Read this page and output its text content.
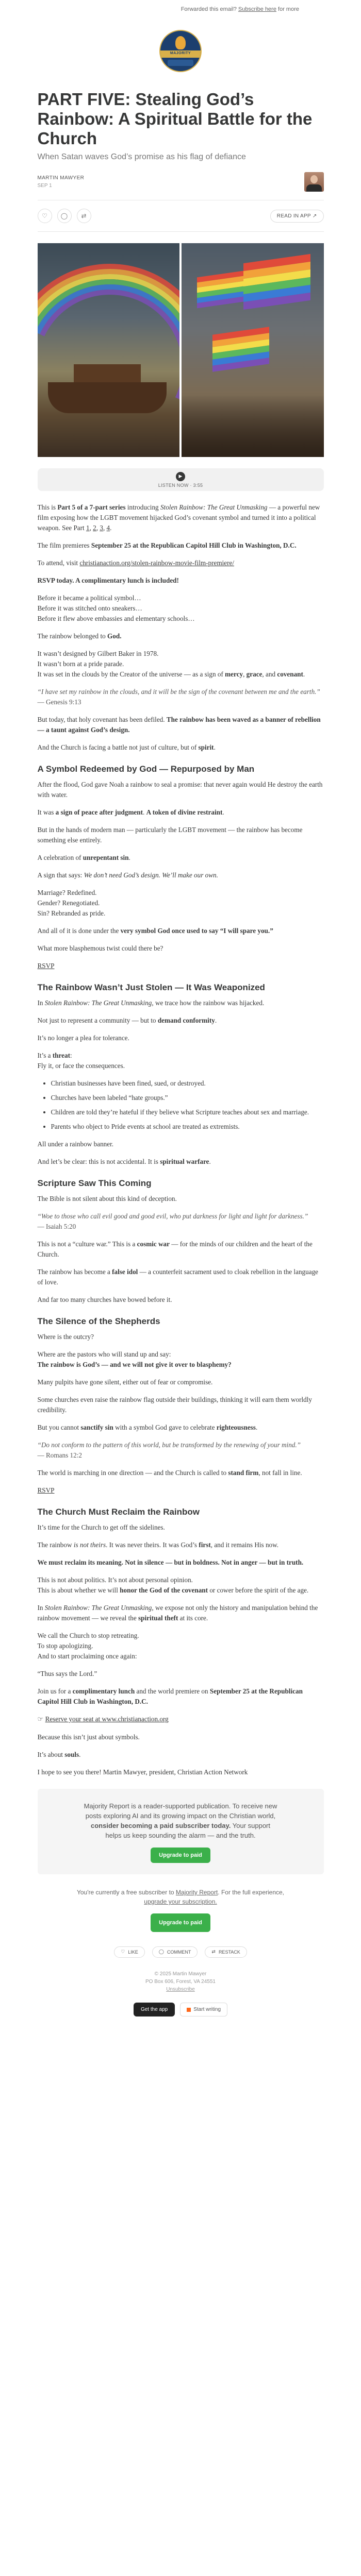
Forwarded this email?
Subscribe here
for more
MAJORITY
PART FIVE: Stealing God’s Rainbow: A Spiritual Battle for the Church
When Satan waves God’s promise as his flag of defiance
MARTIN MAWYER
SEP 1
♡	◯	⇄	READ IN APP ↗
▶
LISTEN NOW · 3:55

This is Part 5 of a 7-part series introducing Stolen Rainbow: The Great Unmasking — a powerful new film exposing how the LGBT movement hijacked God’s covenant symbol and turned it into a political weapon. See Part 1, 2, 3, 4.

The film premieres September 25 at the Republican Capitol Hill Club in Washington, D.C.

To attend, visit christianaction.org/stolen-rainbow-movie-film-premiere/

RSVP today. A complimentary lunch is included!

Before it became a political symbol…
Before it was stitched onto sneakers…
Before it flew above embassies and elementary schools…

The rainbow belonged to God.

It wasn’t designed by Gilbert Baker in 1978.
It wasn’t born at a pride parade.
It was set in the clouds by the Creator of the universe — as a sign of mercy, grace, and covenant.

“I have set my rainbow in the clouds, and it will be the sign of the covenant between me and the earth.”

— Genesis 9:13

But today, that holy covenant has been defiled. The rainbow has been waved as a banner of rebellion — a taunt against God’s design.

And the Church is facing a battle not just of culture, but of spirit.

A Symbol Redeemed by God — Repurposed by Man

After the flood, God gave Noah a rainbow to seal a promise: that never again would He destroy the earth with water.

It was a sign of peace after judgment. A token of divine restraint.

But in the hands of modern man — particularly the LGBT movement — the rainbow has become something else entirely.

A celebration of unrepentant sin.

A sign that says: We don’t need God’s design. We’ll make our own.

Marriage? Redefined.
Gender? Renegotiated.
Sin? Rebranded as pride.

And all of it is done under the very symbol God once used to say “I will spare you.”

What more blasphemous twist could there be?

RSVP

The Rainbow Wasn’t Just Stolen — It Was Weaponized

In Stolen Rainbow: The Great Unmasking, we trace how the rainbow was hijacked.

Not just to represent a community — but to demand conformity.

It’s no longer a plea for tolerance.

It’s a threat:
Fly it, or face the consequences.

• Christian businesses have been fined, sued, or destroyed.
• Churches have been labeled “hate groups.”
• Children are told they’re hateful if they believe what Scripture teaches about sex and marriage.
• Parents who object to Pride events at school are treated as extremists.

All under a rainbow banner.

And let’s be clear: this is not accidental. It is spiritual warfare.

Scripture Saw This Coming

The Bible is not silent about this kind of deception.

“Woe to those who call evil good and good evil, who put darkness for light and light for darkness.”

— Isaiah 5:20

This is not a “culture war.” This is a cosmic war — for the minds of our children and the heart of the Church.

The rainbow has become a false idol — a counterfeit sacrament used to cloak rebellion in the language of love.

And far too many churches have bowed before it.

The Silence of the Shepherds

Where is the outcry?

Where are the pastors who will stand up and say:
The rainbow is God’s — and we will not give it over to blasphemy?

Many pulpits have gone silent, either out of fear or compromise.

Some churches even raise the rainbow flag outside their buildings, thinking it will earn them worldly credibility.

But you cannot sanctify sin with a symbol God gave to celebrate righteousness.

“Do not conform to the pattern of this world, but be transformed by the renewing of your mind.”

— Romans 12:2

The world is marching in one direction — and the Church is called to stand firm, not fall in line.

RSVP

The Church Must Reclaim the Rainbow

It’s time for the Church to get off the sidelines.

The rainbow is not theirs. It was never theirs. It was God’s first, and it remains His now.

We must reclaim its meaning. Not in silence — but in boldness. Not in anger — but in truth.

This is not about politics. It’s not about personal opinion.
This is about whether we will honor the God of the covenant or cower before the spirit of the age.

In Stolen Rainbow: The Great Unmasking, we expose not only the history and manipulation behind the rainbow movement — we reveal the spiritual theft at its core.

We call the Church to stop retreating.
To stop apologizing.
And to start proclaiming once again:

“Thus says the Lord.”

Join us for a complimentary lunch and the world premiere on September 25 at the Republican Capitol Hill Club in Washington, D.C.

☞ Reserve your seat at www.christianaction.org

Because this isn’t just about symbols.

It’s about souls.

I hope to see you there! Martin Mawyer, president, Christian Action Network

Majority Report is a reader-supported publication. To receive new posts exploring AI and its growing impact on the Christian world, consider becoming a paid subscriber today. Your support helps us keep sounding the alarm — and the truth.

Upgrade to paid
You're currently a free subscriber to Majority Report. For the full experience,
upgrade your subscription.
Upgrade to paid
♡ LIKE	◯ COMMENT	⇄ RESTACK
© 2025 Martin Mawyer
PO Box 606, Forest, VA 24551
Unsubscribe
Get the app	Start writing
